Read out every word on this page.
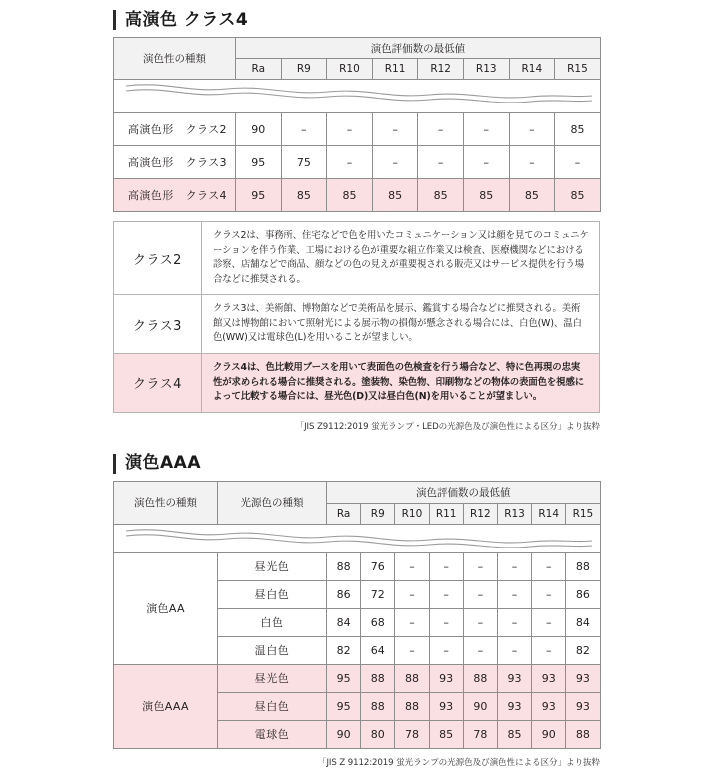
高演色 クラス4
演色性の種類	演色評価数の最低値							
	Ra	R9	R10	R11	R12	R13	R14	R15

高演色形 クラス2	90	–	–	–	–	–	–	85
高演色形 クラス3	95	75	–	–	–	–	–	–
高演色形 クラス4	95	85	85	85	85	85	85	85
クラス2	クラス2は、事務所、住宅などで色を用いたコミュニケーション又は顔を見てのコミュニケーションを伴う作業、工場における色が重要な組立作業又は検査、医療機関などにおける診察、店舗などで商品、顔などの色の見えが重要視される販売又はサービス提供を行う場合などに推奨される。
クラス3	クラス3は、美術館、博物館などで美術品を展示、鑑賞する場合などに推奨される。美術館又は博物館において照射光による展示物の損傷が懸念される場合には、白色(W)、温白色(WW)又は電球色(L)を用いることが望ましい。
クラス4	クラス4は、色比較用ブースを用いて表面色の色検査を行う場合など、特に色再現の忠実性が求められる場合に推奨される。塗装物、染色物、印刷物などの物体の表面色を視感によって比較する場合には、昼光色(D)又は昼白色(N)を用いることが望ましい。
「JIS Z9112:2019 蛍光ランプ・LEDの光源色及び演色性による区分」より抜粋
演色AAA
演色性の種類	光源色の種類	演色評価数の最低値							
		Ra	R9	R10	R11	R12	R13	R14	R15

演色AA	昼光色	88	76	–	–	–	–	–	88
	昼白色	86	72	–	–	–	–	–	86
	白色	84	68	–	–	–	–	–	84
	温白色	82	64	–	–	–	–	–	82
演色AAA	昼光色	95	88	88	93	88	93	93	93
	昼白色	95	88	88	93	90	93	93	93
	電球色	90	80	78	85	78	85	90	88
「JIS Z 9112:2019 蛍光ランプの光源色及び演色性による区分」より抜粋
